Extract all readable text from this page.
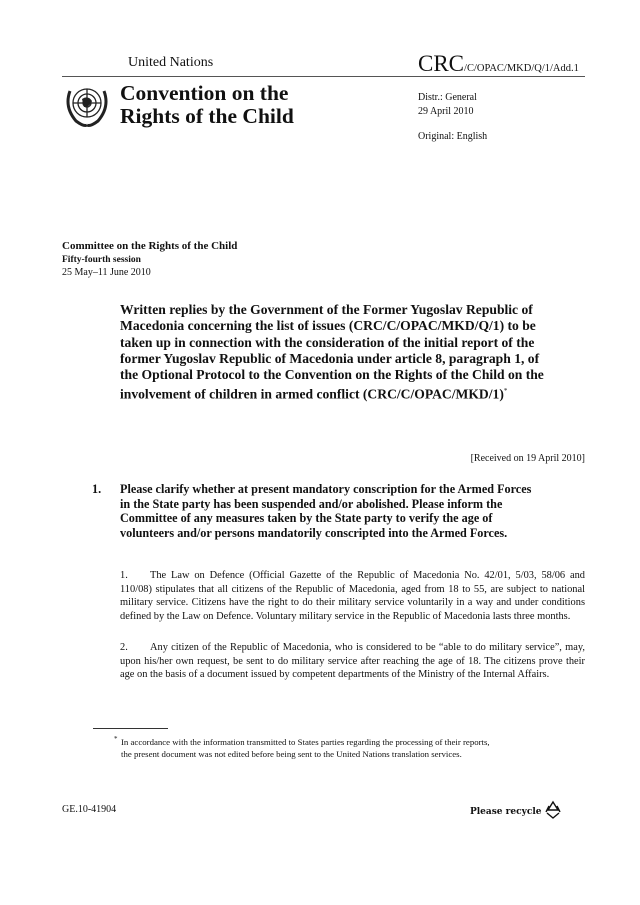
United Nations	CRC/C/OPAC/MKD/Q/1/Add.1
Convention on the
Rights of the Child
Distr.: General
29 April 2010
Original: English
Committee on the Rights of the Child
Fifty-fourth session
25 May–11 June 2010
Written replies by the Government of the Former Yugoslav Republic of Macedonia concerning the list of issues (CRC/C/OPAC/MKD/Q/1) to be taken up in connection with the consideration of the initial report of the former Yugoslav Republic of Macedonia under article 8, paragraph 1, of the Optional Protocol to the Convention on the Rights of the Child on the involvement of children in armed conflict (CRC/C/OPAC/MKD/1)*
[Received on 19 April 2010]
1. Please clarify whether at present mandatory conscription for the Armed Forces in the State party has been suspended and/or abolished. Please inform the Committee of any measures taken by the State party to verify the age of volunteers and/or persons mandatorily conscripted into the Armed Forces.
1. The Law on Defence (Official Gazette of the Republic of Macedonia No. 42/01, 5/03, 58/06 and 110/08) stipulates that all citizens of the Republic of Macedonia, aged from 18 to 55, are subject to national military service. Citizens have the right to do their military service voluntarily in a way and under conditions defined by the Law on Defence. Voluntary military service in the Republic of Macedonia lasts three months.
2. Any citizen of the Republic of Macedonia, who is considered to be “able to do military service”, may, upon his/her own request, be sent to do military service after reaching the age of 18. The citizens prove their age on the basis of a document issued by competent departments of the Ministry of the Internal Affairs.
* In accordance with the information transmitted to States parties regarding the processing of their reports, the present document was not edited before being sent to the United Nations translation services.
GE.10-41904	Please recycle
